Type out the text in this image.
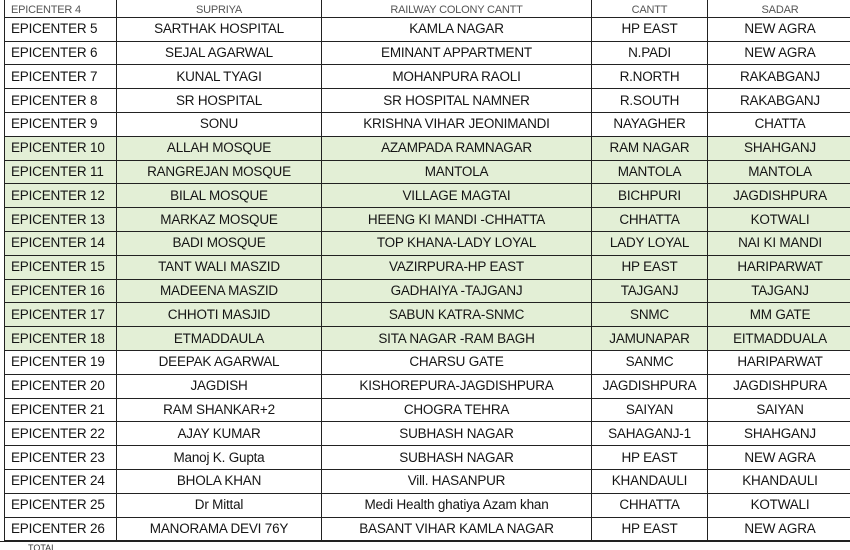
EPICENTER 4	SUPRIYA	RAILWAY COLONY CANTT	CANTT	SADAR
EPICENTER 5	SARTHAK HOSPITAL	KAMLA NAGAR	HP EAST	NEW AGRA
EPICENTER 6	SEJAL AGARWAL	EMINANT APPARTMENT	N.PADI	NEW AGRA
EPICENTER 7	KUNAL TYAGI	MOHANPURA RAOLI	R.NORTH	RAKABGANJ
EPICENTER 8	SR HOSPITAL	SR HOSPITAL NAMNER	R.SOUTH	RAKABGANJ
EPICENTER 9	SONU	KRISHNA VIHAR JEONIMANDI	NAYAGHER	CHATTA
EPICENTER 10	ALLAH MOSQUE	AZAMPADA RAMNAGAR	RAM NAGAR	SHAHGANJ
EPICENTER 11	RANGREJAN MOSQUE	MANTOLA	MANTOLA	MANTOLA
EPICENTER 12	BILAL MOSQUE	VILLAGE MAGTAI	BICHPURI	JAGDISHPURA
EPICENTER 13	MARKAZ MOSQUE	HEENG KI MANDI -CHHATTA	CHHATTA	KOTWALI
EPICENTER 14	BADI MOSQUE	TOP KHANA-LADY LOYAL	LADY LOYAL	NAI KI MANDI
EPICENTER 15	TANT WALI MASZID	VAZIRPURA-HP EAST	HP EAST	HARIPARWAT
EPICENTER 16	MADEENA MASZID	GADHAIYA -TAJGANJ	TAJGANJ	TAJGANJ
EPICENTER 17	CHHOTI MASJID	SABUN KATRA-SNMC	SNMC	MM GATE
EPICENTER 18	ETMADDAULA	SITA NAGAR -RAM BAGH	JAMUNAPAR	EITMADDUALA
EPICENTER 19	DEEPAK AGARWAL	CHARSU GATE	SANMC	HARIPARWAT
EPICENTER 20	JAGDISH	KISHOREPURA-JAGDISHPURA	JAGDISHPURA	JAGDISHPURA
EPICENTER 21	RAM SHANKAR+2	CHOGRA TEHRA	SAIYAN	SAIYAN
EPICENTER 22	AJAY KUMAR	SUBHASH NAGAR	SAHAGANJ-1	SHAHGANJ
EPICENTER 23	Manoj K. Gupta	SUBHASH NAGAR	HP EAST	NEW AGRA
EPICENTER 24	BHOLA KHAN	Vill. HASANPUR	KHANDAULI	KHANDAULI
EPICENTER 25	Dr Mittal	Medi Health ghatiya Azam khan	CHHATTA	KOTWALI
EPICENTER 26	MANORAMA DEVI 76Y	BASANT VIHAR KAMLA NAGAR	HP EAST	NEW AGRA
TOTAL
